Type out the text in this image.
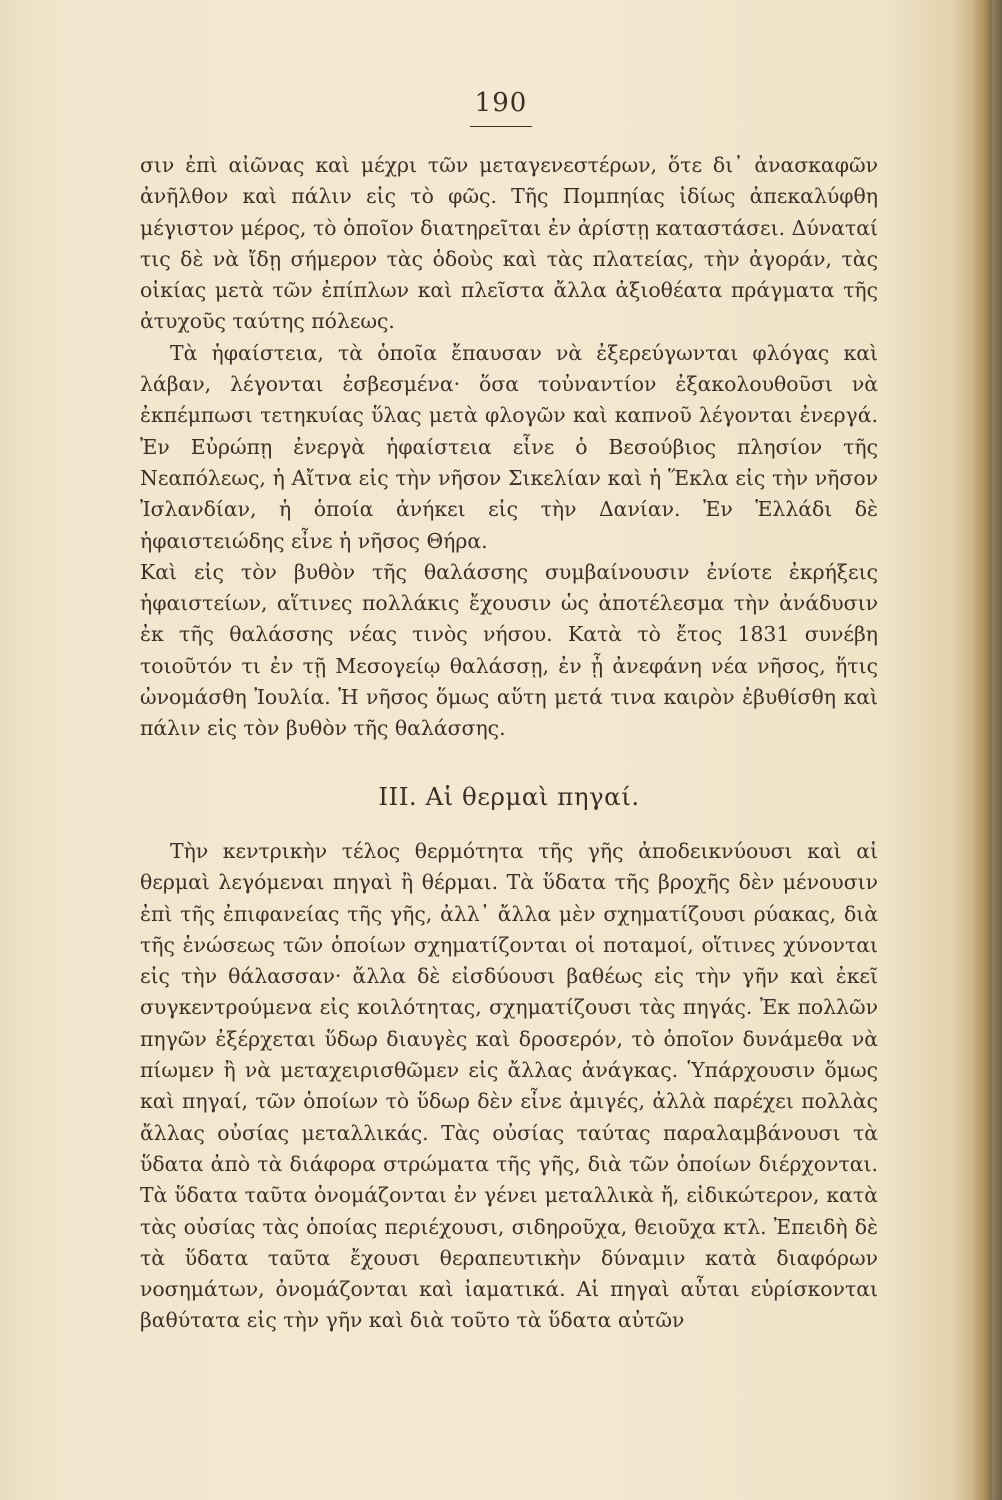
190

σιν ἐπὶ αἰῶνας καὶ μέχρι τῶν μεταγενεστέρων, ὅτε δι᾽ ἀνασκαφῶν ἀνῆλθον καὶ πάλιν εἰς τὸ φῶς. Τῆς Πομπηίας ἰδίως ἀπεκαλύφθη μέγιστον μέρος, τὸ ὁποῖον διατηρεῖται ἐν ἀρίστῃ καταστάσει. Δύναταί τις δὲ νὰ ἴδῃ σήμερον τὰς ὁδοὺς καὶ τὰς πλατείας, τὴν ἀγοράν, τὰς οἰκίας μετὰ τῶν ἐπίπλων καὶ πλεῖστα ἄλλα ἀξιοθέατα πράγματα τῆς ἀτυχοῦς ταύτης πόλεως.

Τὰ ἡφαίστεια, τὰ ὁποῖα ἔπαυσαν νὰ ἐξερεύγωνται φλόγας καὶ λάβαν, λέγονται ἐσβεσμένα· ὅσα τοὐναντίον ἐξακολουθοῦσι νὰ ἐκπέμπωσι τετηκυίας ὕλας μετὰ φλογῶν καὶ καπνοῦ λέγονται ἐνεργά. Ἐν Εὐρώπῃ ἐνεργὰ ἡφαίστεια εἶνε ὁ Βεσούβιος πλησίον τῆς Νεαπόλεως, ἡ Αἴτνα εἰς τὴν νῆσον Σικελίαν καὶ ἡ Ἕκλα εἰς τὴν νῆσον Ἰσλανδίαν, ἡ ὁποία ἀνήκει εἰς τὴν Δανίαν. Ἐν Ἑλλάδι δὲ ἡφαιστειώδης εἶνε ἡ νῆσος Θήρα.

Καὶ εἰς τὸν βυθὸν τῆς θαλάσσης συμβαίνουσιν ἐνίοτε ἐκρήξεις ἡφαιστείων, αἵτινες πολλάκις ἔχουσιν ὡς ἀποτέλεσμα τὴν ἀνάδυσιν ἐκ τῆς θαλάσσης νέας τινὸς νήσου. Κατὰ τὸ ἔτος 1831 συνέβη τοιοῦτόν τι ἐν τῇ Μεσογείῳ θαλάσσῃ, ἐν ᾗ ἀνεφάνη νέα νῆσος, ἥτις ὠνομάσθη Ἰουλία. Ἡ νῆσος ὅμως αὕτη μετά τινα καιρὸν ἐβυθίσθη καὶ πάλιν εἰς τὸν βυθὸν τῆς θαλάσσης.

III. Αἱ θερμαὶ πηγαί.

Τὴν κεντρικὴν τέλος θερμότητα τῆς γῆς ἀποδεικνύουσι καὶ αἱ θερμαὶ λεγόμεναι πηγαὶ ἢ θέρμαι. Τὰ ὕδατα τῆς βροχῆς δὲν μένουσιν ἐπὶ τῆς ἐπιφανείας τῆς γῆς, ἀλλ᾽ ἄλλα μὲν σχηματίζουσι ρύακας, διὰ τῆς ἑνώσεως τῶν ὁποίων σχηματίζονται οἱ ποταμοί, οἵτινες χύνονται εἰς τὴν θάλασσαν· ἄλλα δὲ εἰσδύουσι βαθέως εἰς τὴν γῆν καὶ ἐκεῖ συγκεντρούμενα εἰς κοιλότητας, σχηματίζουσι τὰς πηγάς. Ἐκ πολλῶν πηγῶν ἐξέρχεται ὕδωρ διαυγὲς καὶ δροσερόν, τὸ ὁποῖον δυνάμεθα νὰ πίωμεν ἢ νὰ μεταχειρισθῶμεν εἰς ἄλλας ἀνάγκας. Ὑπάρχουσιν ὅμως καὶ πηγαί, τῶν ὁποίων τὸ ὕδωρ δὲν εἶνε ἀμιγές, ἀλλὰ παρέχει πολλὰς ἄλλας οὐσίας μεταλλικάς. Τὰς οὐσίας ταύτας παραλαμβάνουσι τὰ ὕδατα ἀπὸ τὰ διάφορα στρώματα τῆς γῆς, διὰ τῶν ὁποίων διέρχονται. Τὰ ὕδατα ταῦτα ὀνομάζονται ἐν γένει μεταλλικὰ ἤ, εἰδικώτερον, κατὰ τὰς οὐσίας τὰς ὁποίας περιέχουσι, σιδηροῦχα, θειοῦχα κτλ. Ἐπειδὴ δὲ τὰ ὕδατα ταῦτα ἔχουσι θεραπευτικὴν δύναμιν κατὰ διαφόρων νοσημάτων, ὀνομάζονται καὶ ἰαματικά. Αἱ πηγαὶ αὗται εὑρίσκονται βαθύτατα εἰς τὴν γῆν καὶ διὰ τοῦτο τὰ ὕδατα αὐτῶν
